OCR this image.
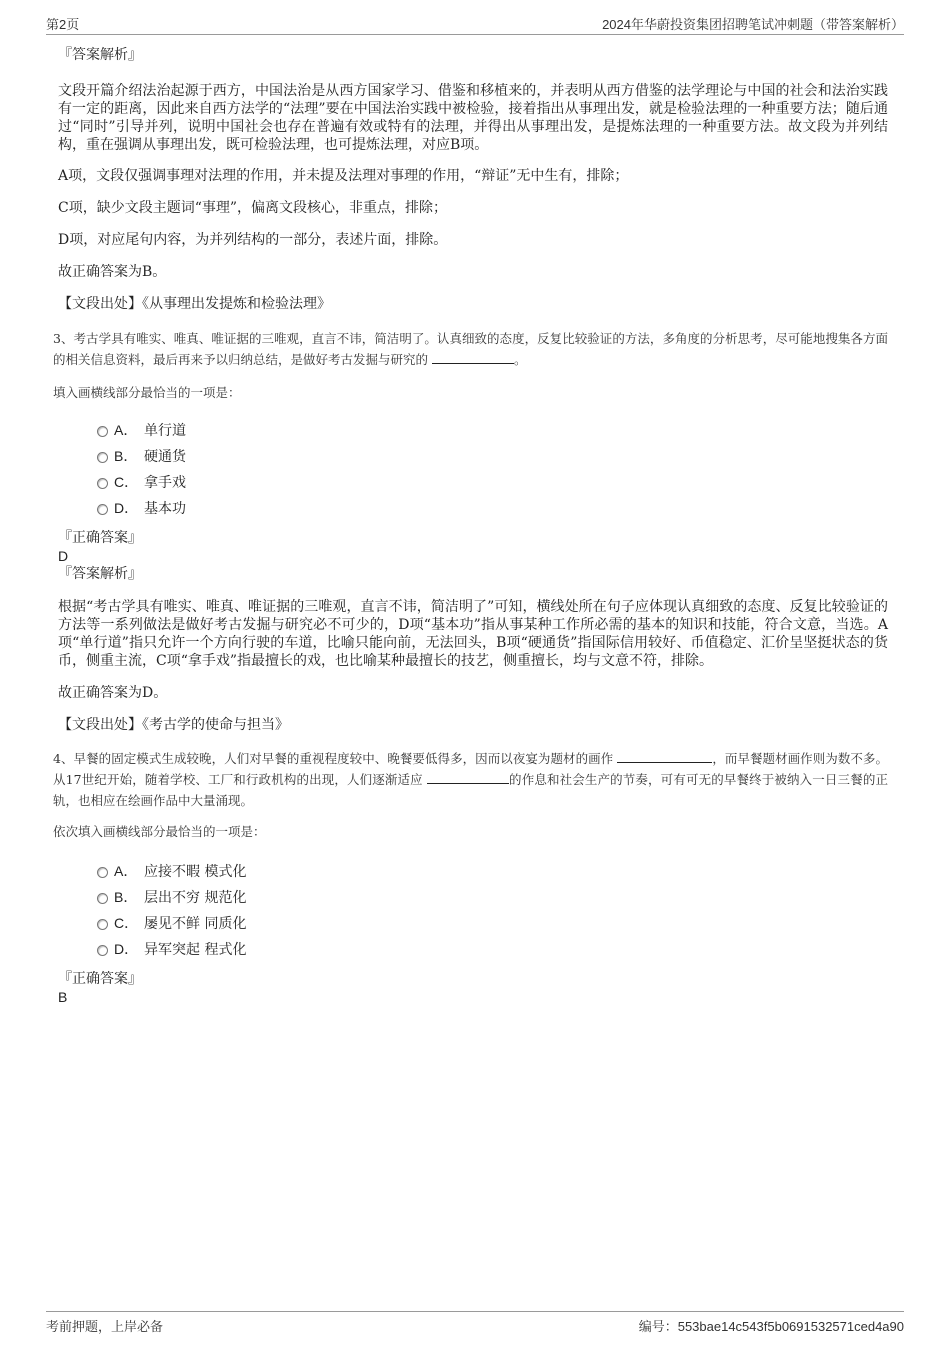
第2页	2024年华蔚投资集团招聘笔试冲刺题（带答案解析）

『答案解析』

文段开篇介绍法治起源于西方，中国法治是从西方国家学习、借鉴和移植来的，并表明从西方借鉴的法学理论与中国的社会和法治实践有一定的距离，因此来自西方法学的“法理”要在中国法治实践中被检验，接着指出从事理出发，就是检验法理的一种重要方法；随后通过“同时”引导并列，说明中国社会也存在普遍有效或特有的法理，并得出从事理出发，是提炼法理的一种重要方法。故文段为并列结构，重在强调从事理出发，既可检验法理，也可提炼法理，对应B项。

A项，文段仅强调事理对法理的作用，并未提及法理对事理的作用，“辩证”无中生有，排除；

C项，缺少文段主题词“事理”，偏离文段核心，非重点，排除；

D项，对应尾句内容，为并列结构的一部分，表述片面，排除。

故正确答案为B。

【文段出处】《从事理出发提炼和检验法理》

3、考古学具有唯实、唯真、唯证据的三唯观，直言不讳，简洁明了。认真细致的态度，反复比较验证的方法，多角度的分析思考，尽可能地搜集各方面的相关信息资料，最后再来予以归纳总结，是做好考古发掘与研究的	。

填入画横线部分最恰当的一项是：

A． 单行道
B． 硬通货
C． 拿手戏
D． 基本功

『正确答案』

D

『答案解析』

根据“考古学具有唯实、唯真、唯证据的三唯观，直言不讳，简洁明了”可知，横线处所在句子应体现认真细致的态度、反复比较验证的方法等一系列做法是做好考古发掘与研究必不可少的，D项“基本功”指从事某种工作所必需的基本的知识和技能，符合文意，当选。A项“单行道”指只允许一个方向行驶的车道，比喻只能向前，无法回头，B项“硬通货”指国际信用较好、币值稳定、汇价呈坚挺状态的货币，侧重主流，C项“拿手戏”指最擅长的戏，也比喻某种最擅长的技艺，侧重擅长，均与文意不符，排除。

故正确答案为D。

【文段出处】《考古学的使命与担当》

4、早餐的固定模式生成较晚，人们对早餐的重视程度较中、晚餐要低得多，因而以夜宴为题材的画作	，而早餐题材画作则为数不多。从17世纪开始，随着学校、工厂和行政机构的出现，人们逐渐适应	的作息和社会生产的节奏，可有可无的早餐终于被纳入一日三餐的正轨，也相应在绘画作品中大量涌现。

依次填入画横线部分最恰当的一项是：

A． 应接不暇 模式化
B． 层出不穷 规范化
C． 屡见不鲜 同质化
D． 异军突起 程式化

『正确答案』

B

考前押题，上岸必备	编号：553bae14c543f5b0691532571ced4a90
